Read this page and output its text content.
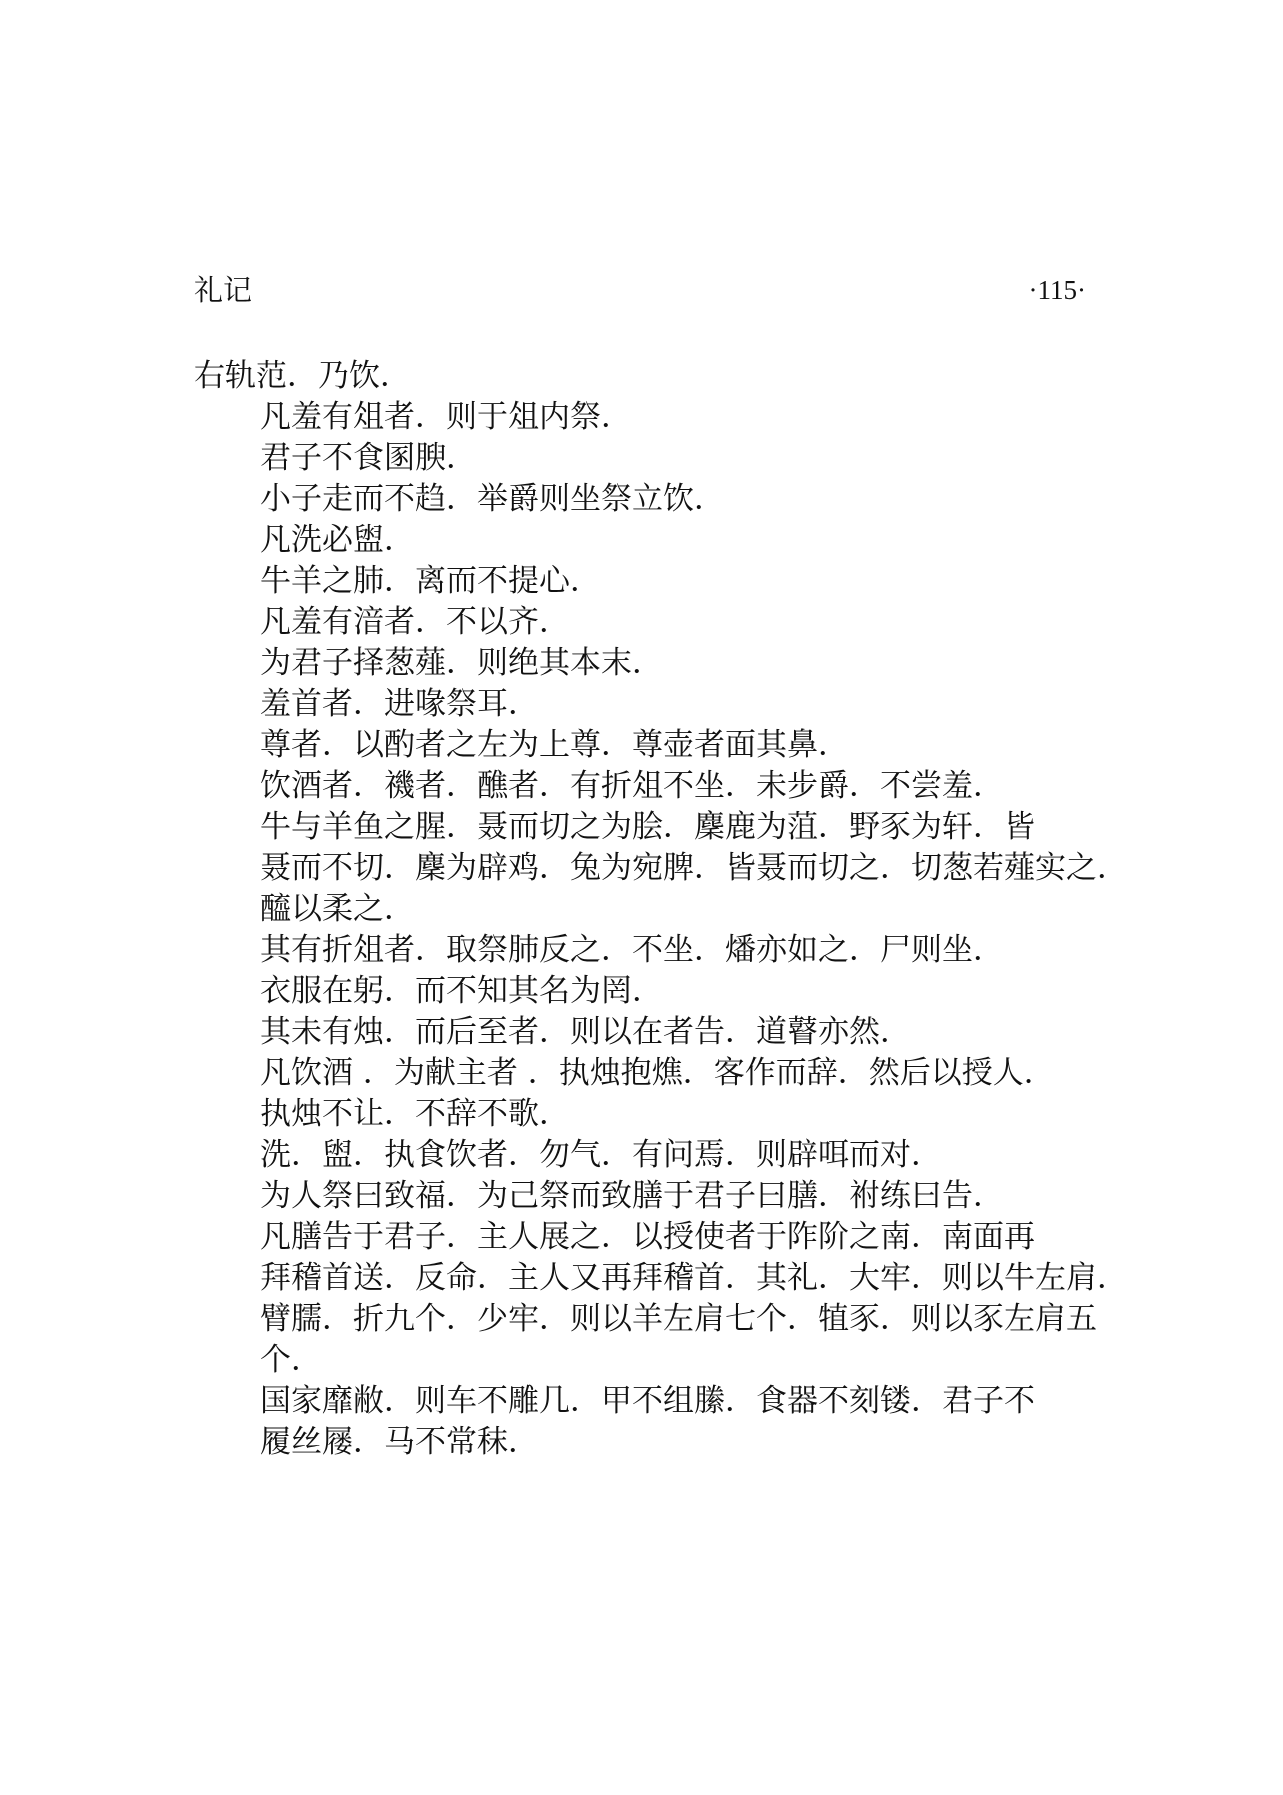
礼记	·115·
右轨范．乃饮．
凡羞有俎者．则于俎内祭．
君子不食圂腴．
小子走而不趋．举爵则坐祭立饮．
凡洗必盥．
牛羊之肺．离而不提心．
凡羞有湆者．不以齐．
为君子择葱薤．则绝其本末．
羞首者．进喙祭耳．
尊者．以酌者之左为上尊．尊壶者面其鼻．
饮酒者．禨者．醮者．有折俎不坐．未步爵．不尝羞．
牛与羊鱼之腥．聂而切之为脍．麇鹿为菹．野豕为轩．皆
聂而不切．麇为辟鸡．兔为宛脾．皆聂而切之．切葱若薤实之．
醯以柔之．
其有折俎者．取祭肺反之．不坐．燔亦如之．尸则坐．
衣服在躬．而不知其名为罔．
其未有烛．而后至者．则以在者告．道瞽亦然．
凡饮酒 ．为献主者 ．执烛抱燋．客作而辞．然后以授人．
执烛不让．不辞不歌．
洗．盥．执食饮者．勿气．有问焉．则辟咡而对．
为人祭曰致福．为己祭而致膳于君子曰膳．祔练曰告．
凡膳告于君子．主人展之．以授使者于阼阶之南．南面再
拜稽首送．反命．主人又再拜稽首．其礼．大牢．则以牛左肩．
臂臑．折九个．少牢．则以羊左肩七个．犆豕．则以豕左肩五
个．
国家靡敝．则车不雕几．甲不组縢．食器不刻镂．君子不
履丝屦．马不常秣．
